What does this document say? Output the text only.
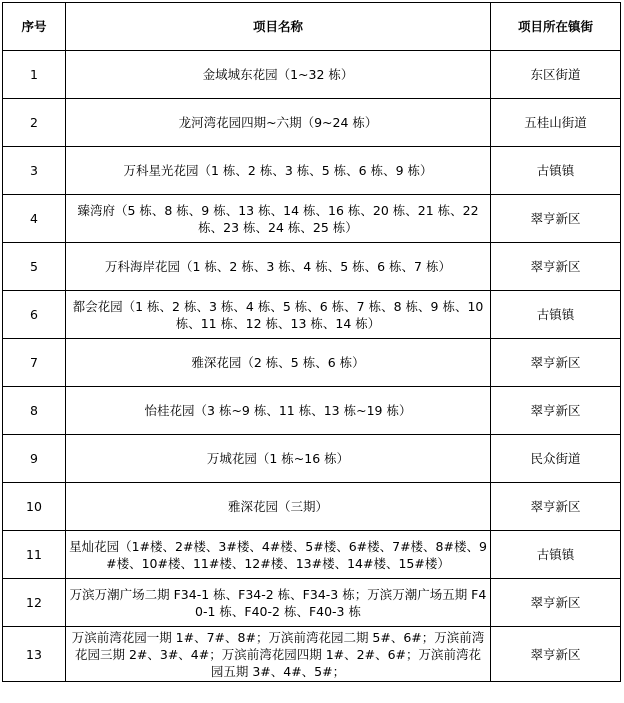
序号	项目名称	项目所在镇街
1	金域城东花园（1~32 栋）	东区街道
2	龙河湾花园四期~六期（9~24 栋）	五桂山街道
3	万科星光花园（1 栋、2 栋、3 栋、5 栋、6 栋、9 栋）	古镇镇
4	臻湾府（5 栋、8 栋、9 栋、13 栋、14 栋、16 栋、20 栋、21 栋、22 栋、23 栋、24 栋、25 栋）	翠亨新区
5	万科海岸花园（1 栋、2 栋、3 栋、4 栋、5 栋、6 栋、7 栋）	翠亨新区
6	都会花园（1 栋、2 栋、3 栋、4 栋、5 栋、6 栋、7 栋、8 栋、9 栋、10 栋、11 栋、12 栋、13 栋、14 栋）	古镇镇
7	雅深花园（2 栋、5 栋、6 栋）	翠亨新区
8	怡桂花园（3 栋~9 栋、11 栋、13 栋~19 栋）	翠亨新区
9	万城花园（1 栋~16 栋）	民众街道
10	雅深花园（三期）	翠亨新区
11	星灿花园（1#楼、2#楼、3#楼、4#楼、5#楼、6#楼、7#楼、8#楼、9#楼、10#楼、11#楼、12#楼、13#楼、14#楼、15#楼）	古镇镇
12	万滨万潮广场二期 F34-1 栋、F34-2 栋、F34-3 栋；万滨万潮广场五期 F40-1 栋、F40-2 栋、F40-3 栋	翠亨新区
13	万滨前湾花园一期 1#、7#、8#；万滨前湾花园二期 5#、6#；万滨前湾花园三期 2#、3#、4#；万滨前湾花园四期 1#、2#、6#；万滨前湾花园五期 3#、4#、5#；	翠亨新区
